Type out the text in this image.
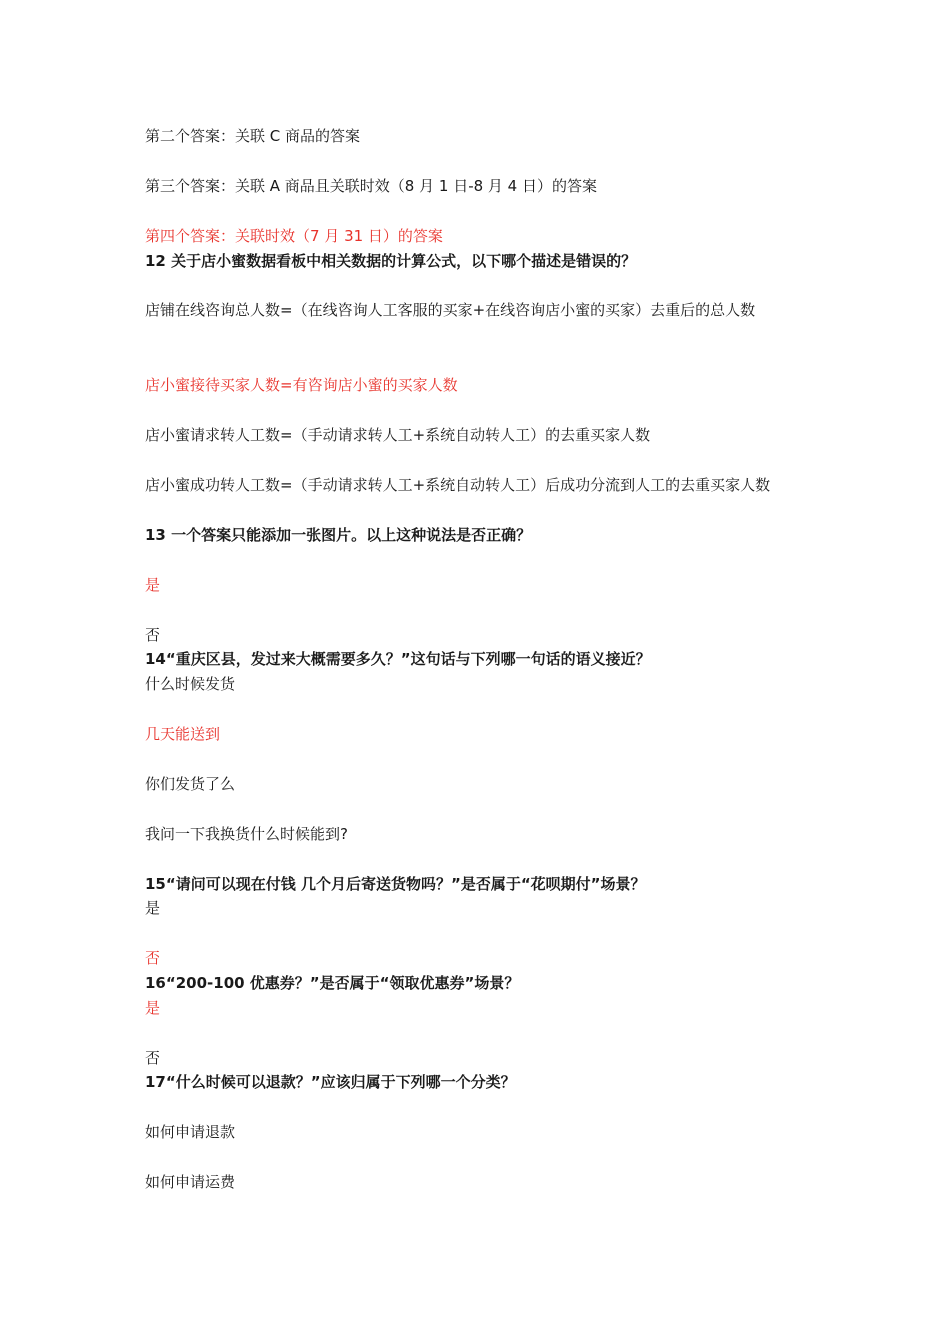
第二个答案：关联 C 商品的答案
第三个答案：关联 A 商品且关联时效（8 月 1 日-8 月 4 日）的答案
第四个答案：关联时效（7 月 31 日）的答案
12 关于店小蜜数据看板中相关数据的计算公式，以下哪个描述是错误的？
店铺在线咨询总人数=（在线咨询人工客服的买家+在线咨询店小蜜的买家）去重后的总人数
店小蜜接待买家人数=有咨询店小蜜的买家人数
店小蜜请求转人工数=（手动请求转人工+系统自动转人工）的去重买家人数
店小蜜成功转人工数=（手动请求转人工+系统自动转人工）后成功分流到人工的去重买家人数
13 一个答案只能添加一张图片。以上这种说法是否正确？
是
否
14“重庆区县，发过来大概需要多久？”这句话与下列哪一句话的语义接近？
什么时候发货
几天能送到
你们发货了么
我问一下我换货什么时候能到?
15“请问可以现在付钱 几个月后寄送货物吗？”是否属于“花呗期付”场景？
是
否
16“200-100 优惠券？”是否属于“领取优惠券”场景？
是
否
17“什么时候可以退款？”应该归属于下列哪一个分类？
如何申请退款
如何申请运费
